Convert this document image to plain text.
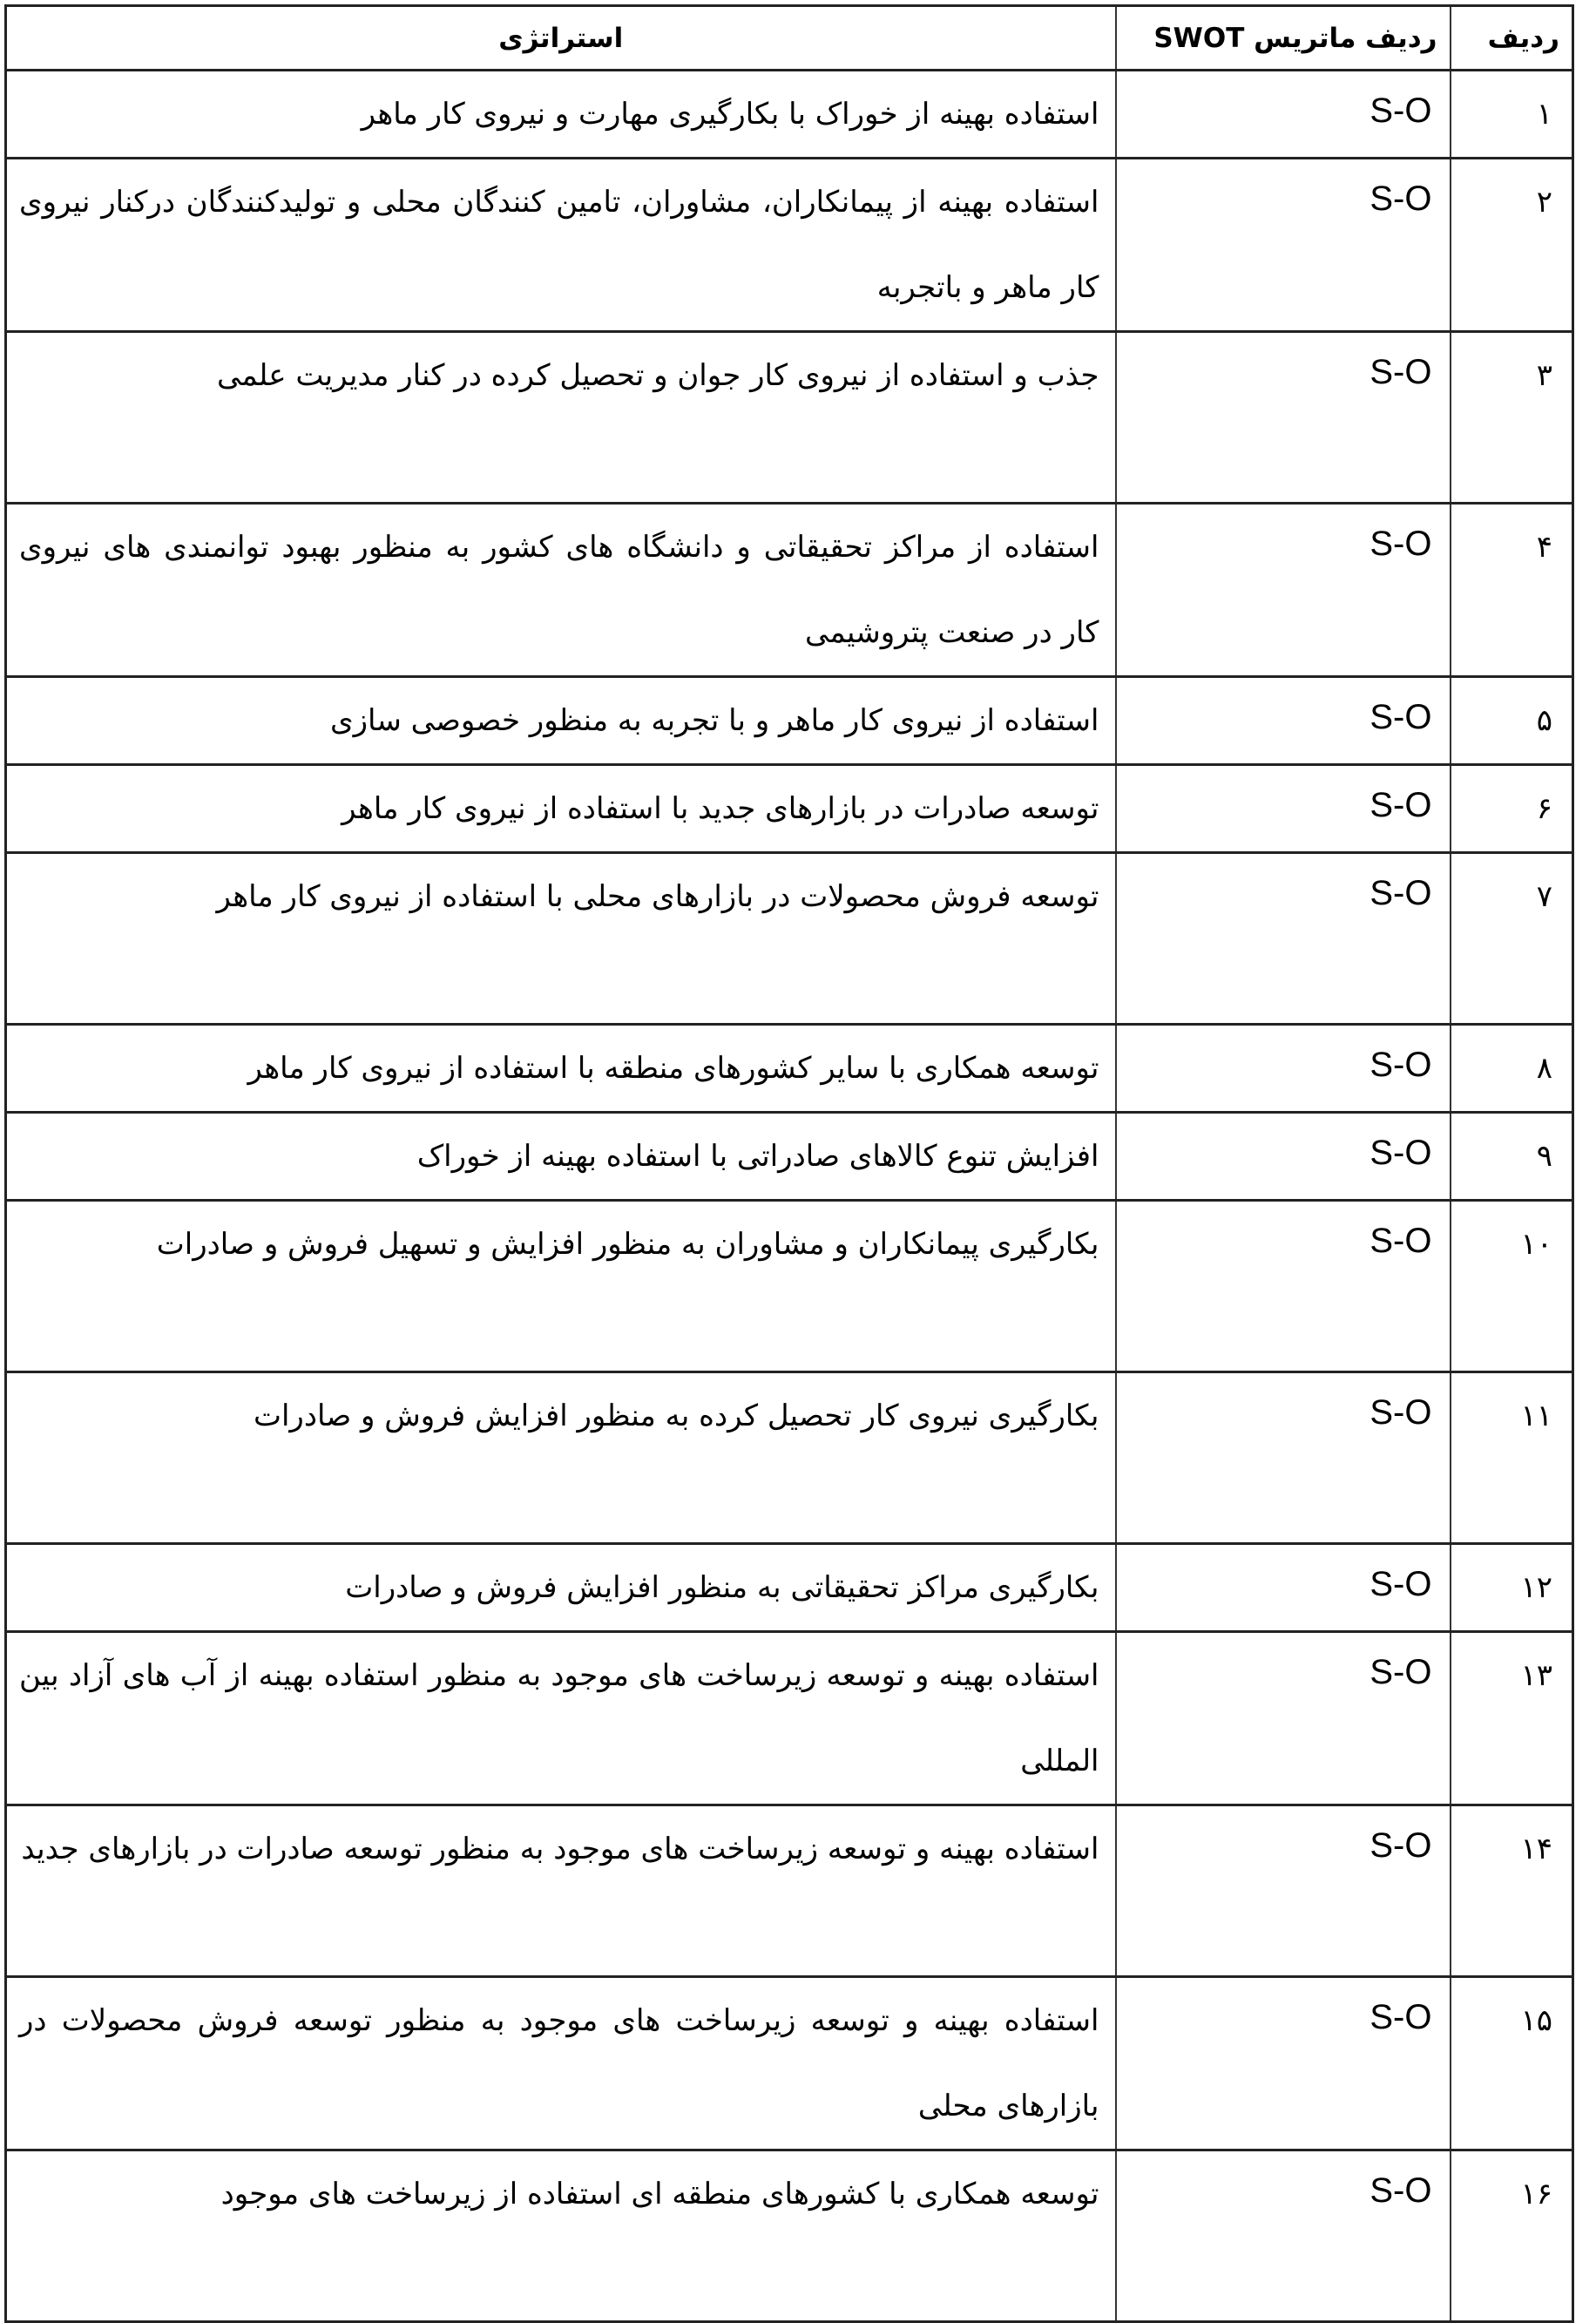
ردیف	ردیف ماتریس SWOT	استراتژی
۱	S-O	استفاده بهینه از خوراک با بکارگیری مهارت و نیروی کار ماهر
۲	S-O	استفاده بهینه از پیمانکاران، مشاوران، تامین کنندگان محلی و تولیدکنندگان درکنار نیروی کار ماهر و باتجربه
۳	S-O	جذب و استفاده از نیروی کار جوان و تحصیل کرده در کنار مدیریت علمی
۴	S-O	استفاده از مراکز تحقیقاتی و دانشگاه های کشور به منظور بهبود توانمندی های نیروی کار در صنعت پتروشیمی
۵	S-O	استفاده از نیروی کار ماهر و با تجربه به منظور خصوصی سازی
۶	S-O	توسعه صادرات در بازارهای جدید با استفاده از نیروی کار ماهر
۷	S-O	توسعه فروش محصولات در بازارهای محلی با استفاده از نیروی کار ماهر
۸	S-O	توسعه همکاری با سایر کشورهای منطقه با استفاده از نیروی کار ماهر
۹	S-O	افزایش تنوع کالاهای صادراتی با استفاده بهینه از خوراک
۱۰	S-O	بکارگیری پیمانکاران و مشاوران به منظور افزایش و تسهیل فروش و صادرات
۱۱	S-O	بکارگیری نیروی کار تحصیل کرده به منظور افزایش فروش و صادرات
۱۲	S-O	بکارگیری مراکز تحقیقاتی به منظور افزایش فروش و صادرات
۱۳	S-O	استفاده بهینه و توسعه زیرساخت های موجود به منظور استفاده بهینه از آب های آزاد بین المللی
۱۴	S-O	استفاده بهینه و توسعه زیرساخت های موجود به منظور توسعه صادرات در بازارهای جدید
۱۵	S-O	استفاده بهینه و توسعه زیرساخت های موجود به منظور توسعه فروش محصولات در بازارهای محلی
۱۶	S-O	توسعه همکاری با کشورهای منطقه ای استفاده از زیرساخت های موجود
